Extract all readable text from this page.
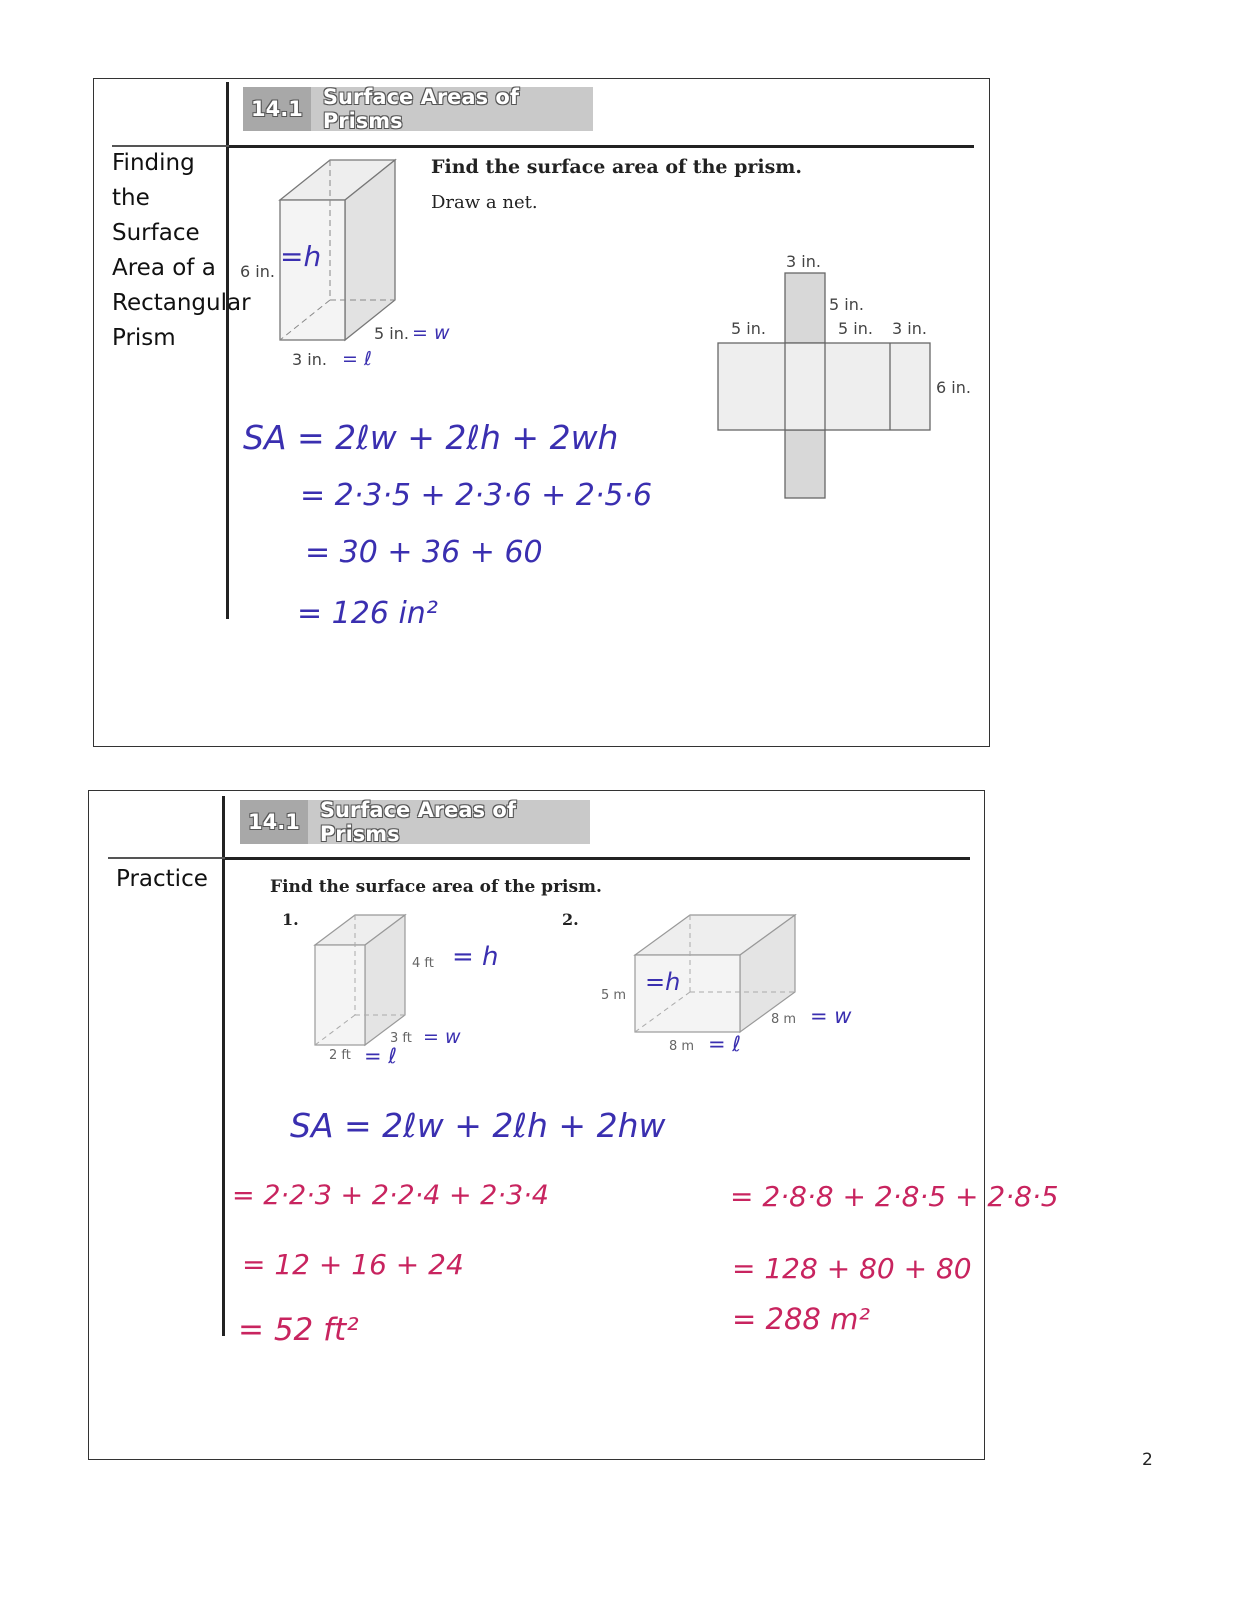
14.1 Surface Areas of Prisms
Finding
the
Surface
Area of a
Rectangular
Prism
Find the surface area of the prism.
Draw a net.
6 in.
5 in.
3 in.
=h
= w
= ℓ
3 in.
5 in.
5 in.
5 in. 3 in.
6 in.
SA = 2ℓw + 2ℓh + 2wh
= 2·3·5 + 2·3·6 + 2·5·6
= 30 + 36 + 60
= 126 in²
14.1 Surface Areas of Prisms
Practice	Find the surface area of the prism.
1.	2.
4 ft
3 ft
2 ft
= h
= w
= ℓ
5 m
8 m
8 m
=h
= w
= ℓ
SA = 2ℓw + 2ℓh + 2hw
= 2·2·3 + 2·2·4 + 2·3·4
= 12 + 16 + 24
= 52 ft²
= 2·8·8 + 2·8·5 + 2·8·5
= 128 + 80 + 80
= 288 m²
2
